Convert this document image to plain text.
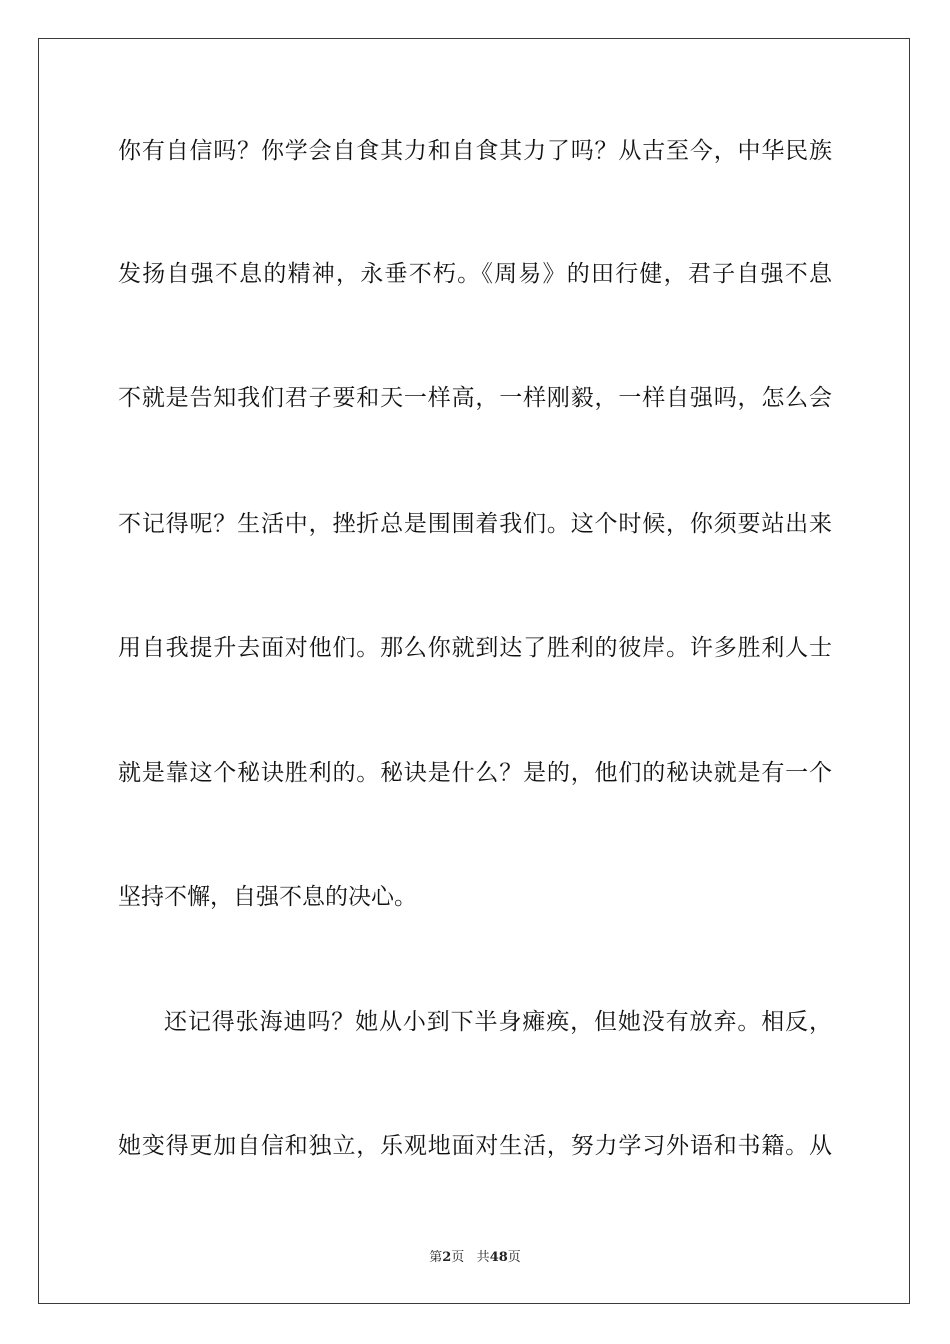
你有自信吗？你学会自食其力和自食其力了吗？从古至今，中华民族
发扬自强不息的精神，永垂不朽。《周易》的田行健，君子自强不息
不就是告知我们君子要和天一样高，一样刚毅，一样自强吗，怎么会
不记得呢？生活中，挫折总是围围着我们。这个时候，你须要站出来
用自我提升去面对他们。那么你就到达了胜利的彼岸。许多胜利人士
就是靠这个秘诀胜利的。秘诀是什么？是的，他们的秘诀就是有一个
坚持不懈，自强不息的决心。
还记得张海迪吗？她从小到下半身瘫痪，但她没有放弃。相反，
她变得更加自信和独立，乐观地面对生活，努力学习外语和书籍。从
第2页 共48页
